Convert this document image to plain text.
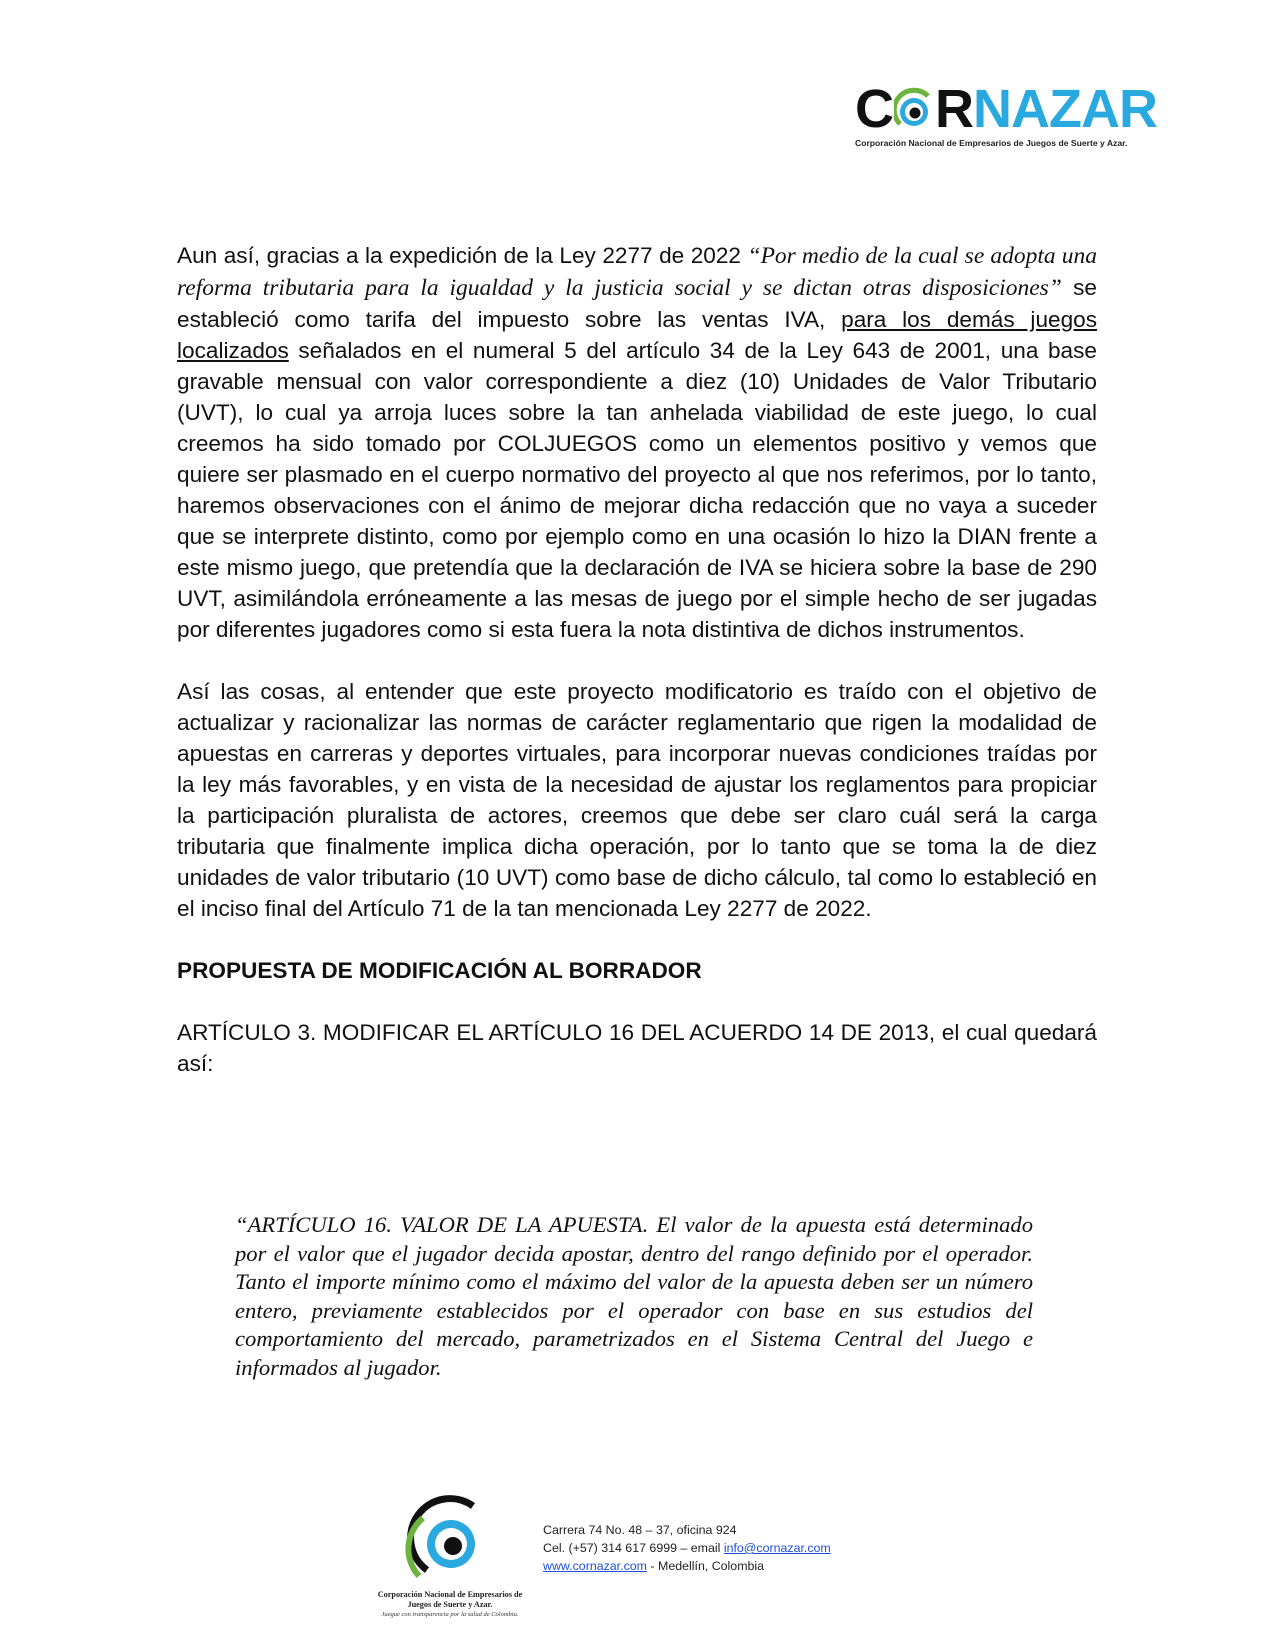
C R NAZAR
Corporación Nacional de Empresarios de Juegos de Suerte y Azar.

Aun así, gracias a la expedición de la Ley 2277 de 2022 “Por medio de la cual se adopta una reforma tributaria para la igualdad y la justicia social y se dictan otras disposiciones” se estableció como tarifa del impuesto sobre las ventas IVA, para los demás juegos localizados señalados en el numeral 5 del artículo 34 de la Ley 643 de 2001, una base gravable mensual con valor correspondiente a diez (10) Unidades de Valor Tributario (UVT), lo cual ya arroja luces sobre la tan anhelada viabilidad de este juego, lo cual creemos ha sido tomado por COLJUEGOS como un elementos positivo y vemos que quiere ser plasmado en el cuerpo normativo del proyecto al que nos referimos, por lo tanto, haremos observaciones con el ánimo de mejorar dicha redacción que no vaya a suceder que se interprete distinto, como por ejemplo como en una ocasión lo hizo la DIAN frente a este mismo juego, que pretendía que la declaración de IVA se hiciera sobre la base de 290 UVT, asimilándola erróneamente a las mesas de juego por el simple hecho de ser jugadas por diferentes jugadores como si esta fuera la nota distintiva de dichos instrumentos.

Así las cosas, al entender que este proyecto modificatorio es traído con el objetivo de actualizar y racionalizar las normas de carácter reglamentario que rigen la modalidad de apuestas en carreras y deportes virtuales, para incorporar nuevas condiciones traídas por la ley más favorables, y en vista de la necesidad de ajustar los reglamentos para propiciar la participación pluralista de actores, creemos que debe ser claro cuál será la carga tributaria que finalmente implica dicha operación, por lo tanto que se toma la de diez unidades de valor tributario (10 UVT) como base de dicho cálculo, tal como lo estableció en el inciso final del Artículo 71 de la tan mencionada Ley 2277 de 2022.

PROPUESTA DE MODIFICACIÓN AL BORRADOR

ARTÍCULO 3. MODIFICAR EL ARTÍCULO 16 DEL ACUERDO 14 DE 2013, el cual quedará así:

“ARTÍCULO 16. VALOR DE LA APUESTA. El valor de la apuesta está determinado por el valor que el jugador decida apostar, dentro del rango definido por el operador. Tanto el importe mínimo como el máximo del valor de la apuesta deben ser un número entero, previamente establecidos por el operador con base en sus estudios del comportamiento del mercado, parametrizados en el Sistema Central del Juego e informados al jugador.

Corporación Nacional de Empresarios de Juegos de Suerte y Azar.
Juegue con transparencia por la salud de Colombia.
Carrera 74 No. 48 – 37, oficina 924
Cel. (+57) 314 617 6999 – email info@cornazar.com
www.cornazar.com - Medellín, Colombia
